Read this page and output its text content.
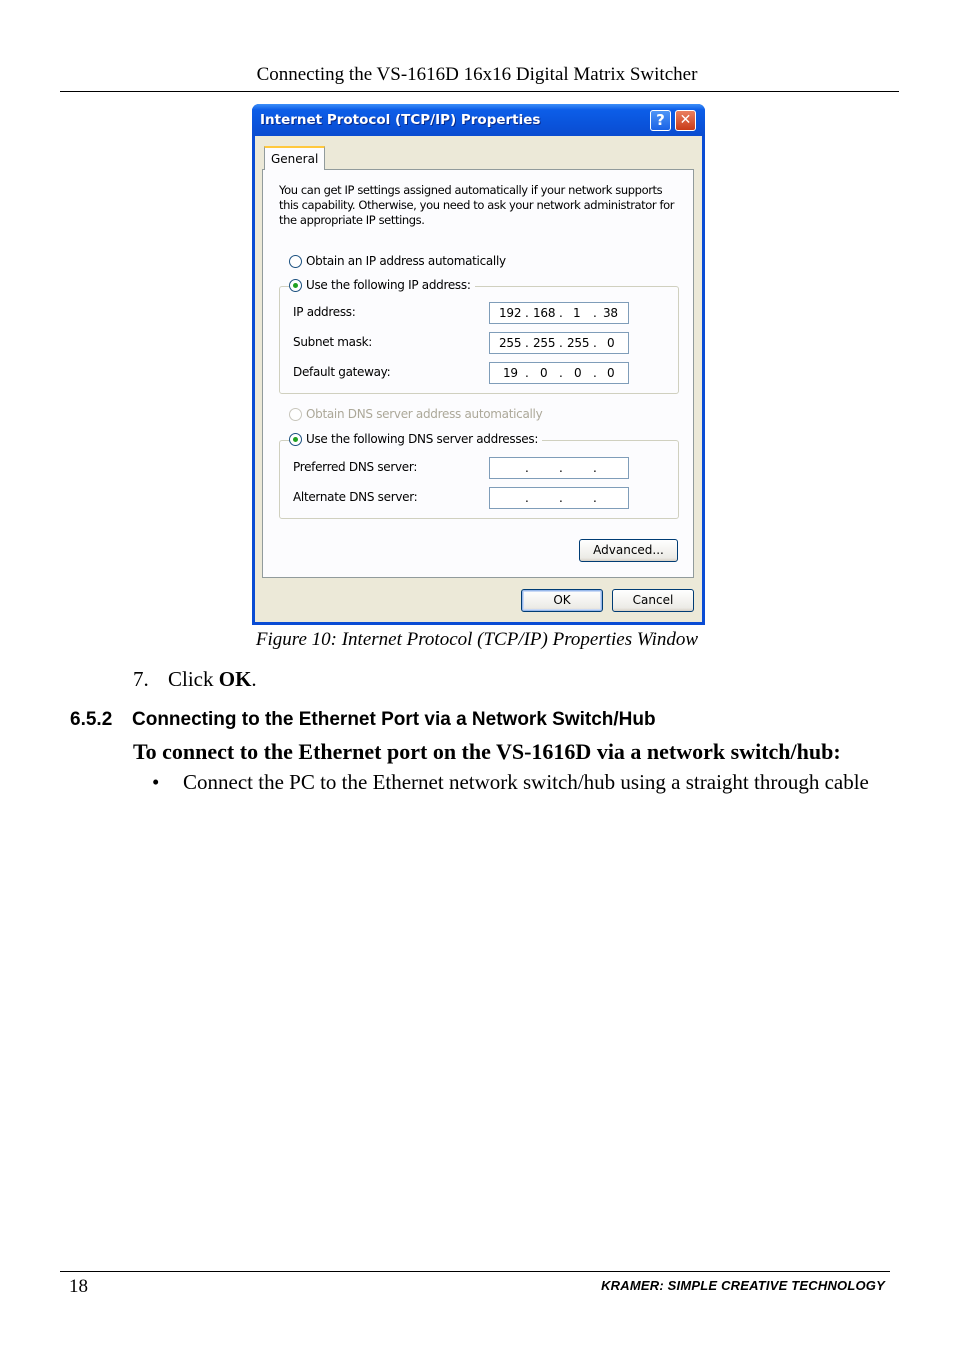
Connecting the VS-1616D 16x16 Digital Matrix Switcher
Internet Protocol (TCP/IP) Properties	?	✕
General
You can get IP settings assigned automatically if your network supports this capability. Otherwise, you need to ask your network administrator for the appropriate IP settings.
Obtain an IP address automatically
Use the following IP address:
IP address:	192 . 168 . 1 . 38
Subnet mask:	255 . 255 . 255 . 0
Default gateway:	19 . 0 . 0 . 0
Obtain DNS server address automatically
Use the following DNS server addresses:
Preferred DNS server:	.	.	.
Alternate DNS server:	.	.	.
Advanced...
OK	Cancel
Figure 10: Internet Protocol (TCP/IP) Properties Window
7. Click OK.
6.5.2 Connecting to the Ethernet Port via a Network Switch/Hub
To connect to the Ethernet port on the VS-1616D via a network switch/hub:
• Connect the PC to the Ethernet network switch/hub using a straight through cable
18	KRAMER: SIMPLE CREATIVE TECHNOLOGY
